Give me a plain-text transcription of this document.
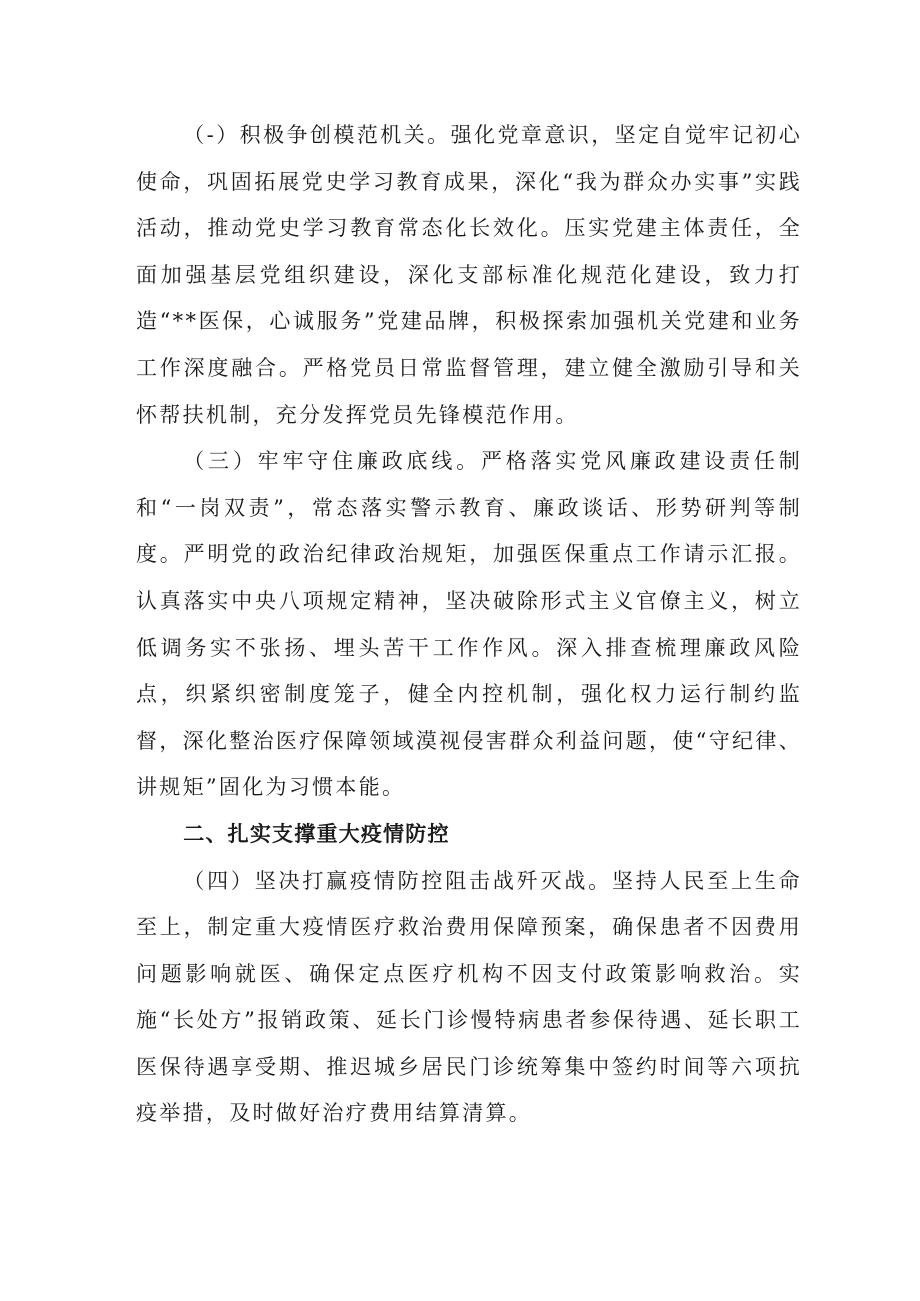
（-）积极争创模范机关。强化党章意识，坚定自觉牢记初心使命，巩固拓展党史学习教育成果，深化“我为群众办实事”实践活动，推动党史学习教育常态化长效化。压实党建主体责任，全面加强基层党组织建设，深化支部标准化规范化建设，致力打造“**医保，心诚服务”党建品牌，积极探索加强机关党建和业务工作深度融合。严格党员日常监督管理，建立健全激励引导和关怀帮扶机制，充分发挥党员先锋模范作用。

（三）牢牢守住廉政底线。严格落实党风廉政建设责任制和“一岗双责”，常态落实警示教育、廉政谈话、形势研判等制度。严明党的政治纪律政治规矩，加强医保重点工作请示汇报。认真落实中央八项规定精神，坚决破除形式主义官僚主义，树立低调务实不张扬、埋头苦干工作作风。深入排查梳理廉政风险点，织紧织密制度笼子，健全内控机制，强化权力运行制约监督，深化整治医疗保障领域漠视侵害群众利益问题，使“守纪律、讲规矩”固化为习惯本能。

二、扎实支撑重大疫情防控

（四）坚决打赢疫情防控阻击战歼灭战。坚持人民至上生命至上，制定重大疫情医疗救治费用保障预案，确保患者不因费用问题影响就医、确保定点医疗机构不因支付政策影响救治。实施“长处方”报销政策、延长门诊慢特病患者参保待遇、延长职工医保待遇享受期、推迟城乡居民门诊统筹集中签约时间等六项抗疫举措，及时做好治疗费用结算清算。
